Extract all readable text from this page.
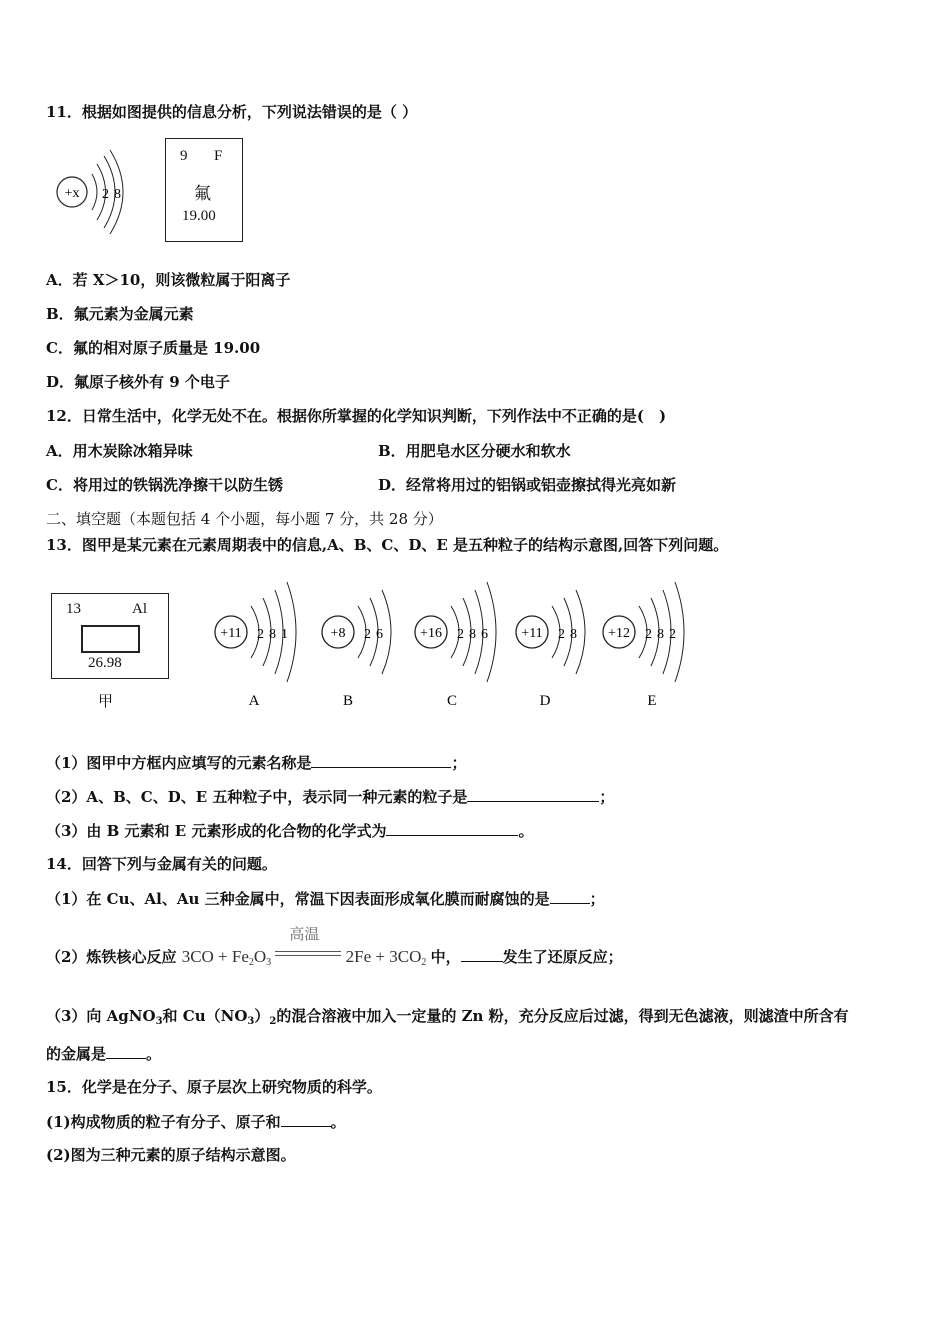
11．根据如图提供的信息分析，下列说法错误的是（ ）
+x 2 8
9 F
氟
19.00
A．若 X＞10，则该微粒属于阳离子
B．氟元素为金属元素
C．氟的相对原子质量是 19.00
D．氟原子核外有 9 个电子
12．日常生活中，化学无处不在。根据你所掌握的化学知识判断，下列作法中不正确的是(　)
A．用木炭除冰箱异味	B．用肥皂水区分硬水和软水
C．将用过的铁锅洗净擦干以防生锈	D．经常将用过的铝锅或铝壶擦拭得光亮如新
二、填空题（本题包括 4 个小题，每小题 7 分，共 28 分）
13．图甲是某元素在元素周期表中的信息,A、B、C、D、E 是五种粒子的结构示意图,回答下列问题。
13	Al
26.98
甲
+11 2 8 1
A
+8 2 6
B
+16 2 8 6
C
+11 2 8
D
+12 2 8 2
E
（1）图甲中方框内应填写的元素名称是	；
（2）A、B、C、D、E 五种粒子中，表示同一种元素的粒子是	；
（3）由 B 元素和 E 元素形成的化合物的化学式为	。
14．回答下列与金属有关的问题。
（1）在 Cu、Al、Au 三种金属中，常温下因表面形成氧化膜而耐腐蚀的是	；
（2）炼铁核心反应 $3CO + Fe_2O_3$
高温
$2Fe + 3CO_2$ 中，	发生了还原反应；
（3）向 AgNO$_3$和 $Cu(NO_3)_2$的混合溶液中加入一定量的 Zn 粉，充分反应后过滤，得到无色滤液，则滤渣中所含有
的金属是	。
15．化学是在分子、原子层次上研究物质的科学。
(1)构成物质的粒子有分子、原子和	。
(2)图为三种元素的原子结构示意图。
